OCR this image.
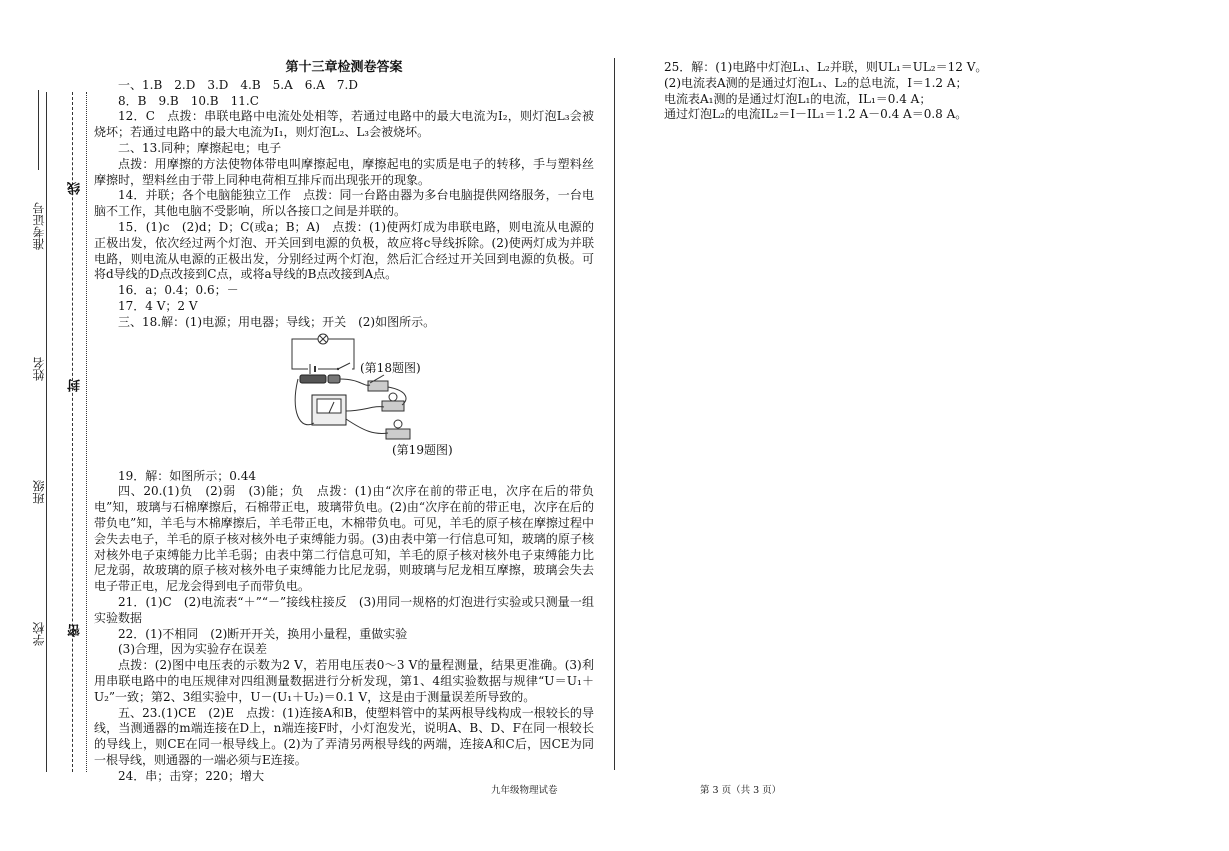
准考证号
线
姓名
封
班级
学校 密

第十三章检测卷答案

一、1.B　2.D　3.D　4.B　5.A　6.A　7.D

8．B　9.B　10.B　11.C

12．C　点拨：串联电路中电流处处相等，若通过电路中的最大电流为I₂，则灯泡L₃会被烧坏；若通过电路中的最大电流为I₁，则灯泡L₂、L₃会被烧坏。

二、13.同种；摩擦起电；电子

点拨：用摩擦的方法使物体带电叫摩擦起电，摩擦起电的实质是电子的转移，手与塑料丝摩擦时，塑料丝由于带上同种电荷相互排斥而出现张开的现象。

14．并联；各个电脑能独立工作　点拨：同一台路由器为多台电脑提供网络服务，一台电脑不工作，其他电脑不受影响，所以各接口之间是并联的。

15．(1)c　(2)d；D；C(或a；B；A)　点拨：(1)使两灯成为串联电路，则电流从电源的正极出发，依次经过两个灯泡、开关回到电源的负极，故应将c导线拆除。(2)使两灯成为并联电路，则电流从电源的正极出发，分别经过两个灯泡，然后汇合经过开关回到电源的负极。可将d导线的D点改接到C点，或将a导线的B点改接到A点。

16．a；0.4；0.6；－

17．4 V；2 V

三、18.解：(1)电源；用电器；导线；开关　(2)如图所示。

(第18题图)
(第19题图)

19．解：如图所示；0.44

四、20.(1)负　(2)弱　(3)能；负　点拨：(1)由“次序在前的带正电，次序在后的带负电”知，玻璃与石棉摩擦后，石棉带正电，玻璃带负电。(2)由“次序在前的带正电，次序在后的带负电”知，羊毛与木棉摩擦后，羊毛带正电，木棉带负电。可见，羊毛的原子核在摩擦过程中会失去电子，羊毛的原子核对核外电子束缚能力弱。(3)由表中第一行信息可知，玻璃的原子核对核外电子束缚能力比羊毛弱；由表中第二行信息可知，羊毛的原子核对核外电子束缚能力比尼龙弱，故玻璃的原子核对核外电子束缚能力比尼龙弱，则玻璃与尼龙相互摩擦，玻璃会失去电子带正电，尼龙会得到电子而带负电。

21．(1)C　(2)电流表“＋”“－”接线柱接反　(3)用同一规格的灯泡进行实验或只测量一组实验数据

22．(1)不相同　(2)断开开关，换用小量程，重做实验

(3)合理，因为实验存在误差

点拨：(2)图中电压表的示数为2 V，若用电压表0～3 V的量程测量，结果更准确。(3)利用串联电路中的电压规律对四组测量数据进行分析发现，第1、4组实验数据与规律“U＝U₁＋U₂”一致；第2、3组实验中，U－(U₁＋U₂)＝0.1 V，这是由于测量误差所导致的。

五、23.(1)CE　(2)E　点拨：(1)连接A和B，使塑料管中的某两根导线构成一根较长的导线，当测通器的m端连接在D上，n端连接F时，小灯泡发光，说明A、B、D、F在同一根较长的导线上，则CE在同一根导线上。(2)为了弄清另两根导线的两端，连接A和C后，因CE为同一根导线，则通器的一端必须与E连接。

24．串；击穿；220；增大

25．解：(1)电路中灯泡L₁、L₂并联，则UL₁＝UL₂＝12 V。

(2)电流表A测的是通过灯泡L₁、L₂的总电流，I＝1.2 A；

电流表A₁测的是通过灯泡L₁的电流，IL₁＝0.4 A；

通过灯泡L₂的电流IL₂＝I－IL₁＝1.2 A－0.4 A＝0.8 A。

九年级物理试卷	第 3 页（共 3 页）
